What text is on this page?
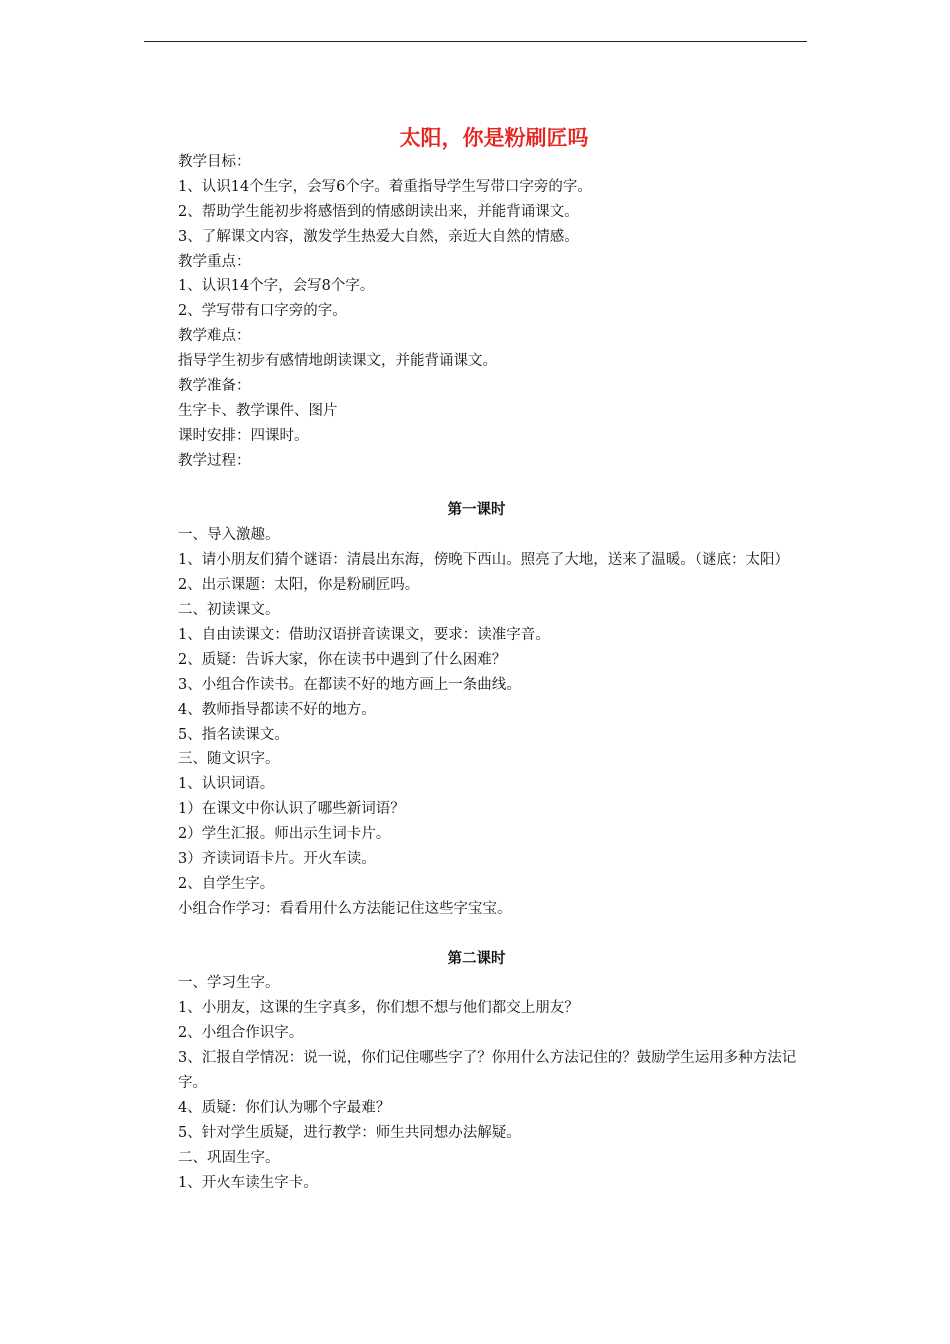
太阳，你是粉刷匠吗
教学目标：
1、认识14个生字，会写6个字。着重指导学生写带口字旁的字。
2、帮助学生能初步将感悟到的情感朗读出来，并能背诵课文。
3、了解课文内容，激发学生热爱大自然，亲近大自然的情感。
教学重点：
1、认识14个字，会写8个字。
2、学写带有口字旁的字。
教学难点：
指导学生初步有感情地朗读课文，并能背诵课文。
教学准备：
生字卡、教学课件、图片
课时安排：四课时。
教学过程：
第一课时
一、导入激趣。
1、请小朋友们猜个谜语：清晨出东海，傍晚下西山。照亮了大地，送来了温暖。（谜底：太阳）
2、出示课题：太阳，你是粉刷匠吗。
二、初读课文。
1、自由读课文：借助汉语拼音读课文，要求：读准字音。
2、质疑：告诉大家，你在读书中遇到了什么困难？
3、小组合作读书。在都读不好的地方画上一条曲线。
4、教师指导都读不好的地方。
5、指名读课文。
三、随文识字。
1、认识词语。
1）在课文中你认识了哪些新词语？
2）学生汇报。师出示生词卡片。
3）齐读词语卡片。开火车读。
2、自学生字。
小组合作学习：看看用什么方法能记住这些字宝宝。
第二课时
一、学习生字。
1、小朋友，这课的生字真多，你们想不想与他们都交上朋友？
2、小组合作识字。
3、汇报自学情况：说一说，你们记住哪些字了？你用什么方法记住的？鼓励学生运用多种方法记字。
4、质疑：你们认为哪个字最难？
5、针对学生质疑，进行教学：师生共同想办法解疑。
二、巩固生字。
1、开火车读生字卡。
